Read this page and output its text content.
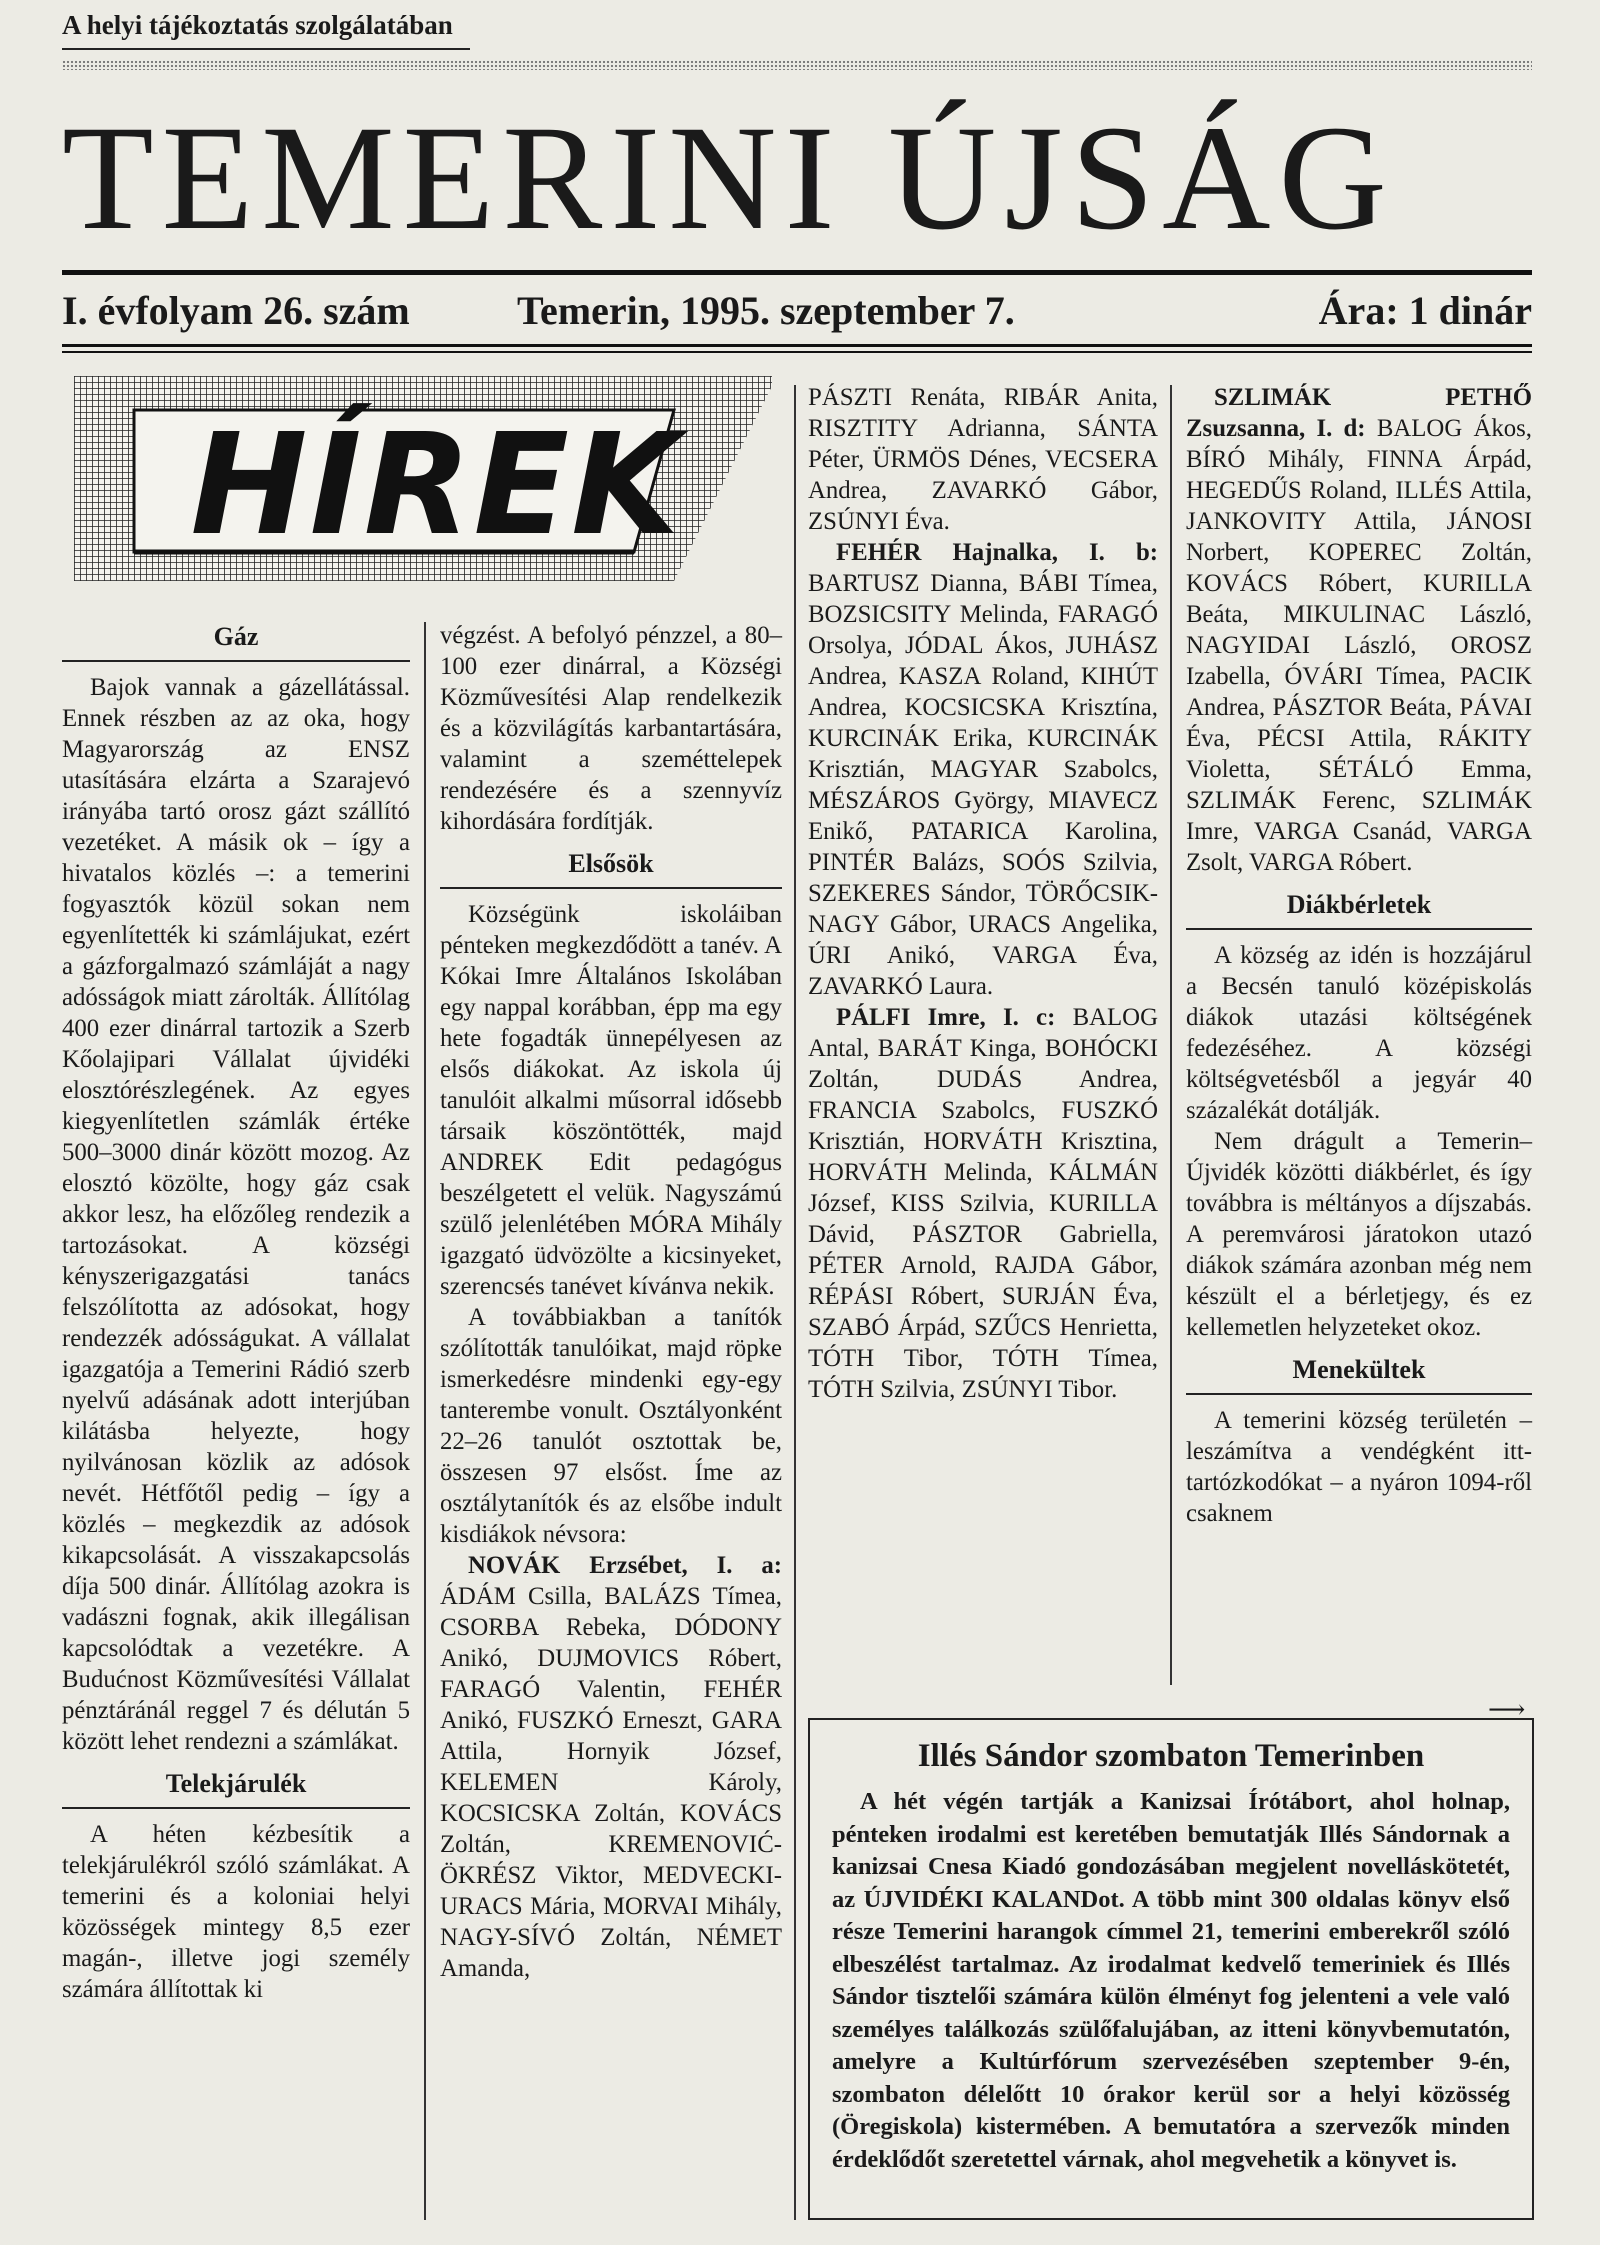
A helyi tájékoztatás szolgálatában
TEMERINI ÚJSÁG
I. évfolyam 26. szám	Temerin, 1995. szeptember 7.	Ára: 1 dinár
HÍREK
Gáz

Bajok vannak a gázellátással. Ennek részben az az oka, hogy Magyarország az ENSZ utasítására elzárta a Szarajevó irányába tartó orosz gázt szállító vezetéket. A másik ok – így a hivatalos közlés –: a temerini fogyasztók közül sokan nem egyenlítették ki számlájukat, ezért a gázforgalmazó számláját a nagy adósságok miatt zárolták. Állítólag 400 ezer dinárral tartozik a Szerb Kőolajipari Vállalat újvidéki elosztórészlegének. Az egyes kiegyenlítetlen számlák értéke 500–3000 dinár között mozog. Az elosztó közölte, hogy gáz csak akkor lesz, ha előzőleg rendezik a tartozásokat. A községi kényszerigazgatási tanács felszólította az adósokat, hogy rendezzék adósságukat. A vállalat igazgatója a Temerini Rádió szerb nyelvű adásának adott interjúban kilátásba helyezte, hogy nyilvánosan közlik az adósok nevét. Hétfőtől pedig – így a közlés – megkezdik az adósok kikapcsolását. A visszakapcsolás díja 500 dinár. Állítólag azokra is vadászni fognak, akik illegálisan kapcsolódtak a vezetékre. A Budućnost Közművesítési Vállalat pénztáránál reggel 7 és délután 5 között lehet rendezni a számlákat.

Telekjárulék

A héten kézbesítik a telekjárulékról szóló számlákat. A temerini és a koloniai helyi közösségek mintegy 8,5 ezer magán-, illetve jogi személy számára állítottak ki

végzést. A befolyó pénzzel, a 80–100 ezer dinárral, a Községi Közművesítési Alap rendelkezik és a közvilágítás karbantartására, valamint a szeméttelepek rendezésére és a szennyvíz kihordására fordítják.

Elsősök

Községünk iskoláiban pénteken megkezdődött a tanév. A Kókai Imre Általános Iskolában egy nappal korábban, épp ma egy hete fogadták ünnepélyesen az elsős diákokat. Az iskola új tanulóit alkalmi műsorral idősebb társaik köszöntötték, majd ANDREK Edit pedagógus beszélgetett el velük. Nagyszámú szülő jelenlétében MÓRA Mihály igazgató üdvözölte a kicsinyeket, szerencsés tanévet kívánva nekik.

A továbbiakban a tanítók szólították tanulóikat, majd röpke ismerkedésre mindenki egy-egy tanterembe vonult. Osztályonként 22–26 tanulót osztottak be, összesen 97 elsőst. Íme az osztálytanítók és az elsőbe indult kisdiákok névsora:

NOVÁK Erzsébet, I. a: ÁDÁM Csilla, BALÁZS Tímea, CSORBA Rebeka, DÓDONY Anikó, DUJMOVICS Róbert, FARAGÓ Valentin, FEHÉR Anikó, FUSZKÓ Erneszt, GARA Attila, Hornyik József, KELEMEN Károly, KOCSICSKA Zoltán, KOVÁCS Zoltán, KREMENOVIĆ-ÖKRÉSZ Viktor, MEDVECKI-URACS Mária, MORVAI Mihály, NAGY-SÍVÓ Zoltán, NÉMET Amanda,

PÁSZTI Renáta, RIBÁR Anita, RISZTITY Adrianna, SÁNTA Péter, ÜRMÖS Dénes, VECSERA Andrea, ZAVARKÓ Gábor, ZSÚNYI Éva.

FEHÉR Hajnalka, I. b: BARTUSZ Dianna, BÁBI Tímea, BOZSICSITY Melinda, FARAGÓ Orsolya, JÓDAL Ákos, JUHÁSZ Andrea, KASZA Roland, KIHÚT Andrea, KOCSICSKA Krisztína, KURCINÁK Erika, KURCINÁK Krisztián, MAGYAR Szabolcs, MÉSZÁROS György, MIAVECZ Enikő, PATARICA Karolina, PINTÉR Balázs, SOÓS Szilvia, SZEKERES Sándor, TÖRŐCSIK-NAGY Gábor, URACS Angelika, ÚRI Anikó, VARGA Éva, ZAVARKÓ Laura.

PÁLFI Imre, I. c: BALOG Antal, BARÁT Kinga, BOHÓCKI Zoltán, DUDÁS Andrea, FRANCIA Szabolcs, FUSZKÓ Krisztián, HORVÁTH Krisztina, HORVÁTH Melinda, KÁLMÁN József, KISS Szilvia, KURILLA Dávid, PÁSZTOR Gabriella, PÉTER Arnold, RAJDA Gábor, RÉPÁSI Róbert, SURJÁN Éva, SZABÓ Árpád, SZŰCS Henrietta, TÓTH Tibor, TÓTH Tímea, TÓTH Szilvia, ZSÚNYI Tibor.

SZLIMÁK PETHŐ Zsuzsanna, I. d: BALOG Ákos, BÍRÓ Mihály, FINNA Árpád, HEGEDŰS Roland, ILLÉS Attila, JANKOVITY Attila, JÁNOSI Norbert, KOPEREC Zoltán, KOVÁCS Róbert, KURILLA Beáta, MIKULINAC László, NAGYIDAI László, OROSZ Izabella, ÓVÁRI Tímea, PACIK Andrea, PÁSZTOR Beáta, PÁVAI Éva, PÉCSI Attila, RÁKITY Violetta, SÉTÁLÓ Emma, SZLIMÁK Ferenc, SZLIMÁK Imre, VARGA Csanád, VARGA Zsolt, VARGA Róbert.

Diákbérletek

A község az idén is hozzájárul a Becsén tanuló középiskolás diákok utazási költségének fedezéséhez. A községi költségvetésből a jegyár 40 százalékát dotálják.

Nem drágult a Temerin–Újvidék közötti diákbérlet, és így továbbra is méltányos a díjszabás. A peremvárosi járatokon utazó diákok számára azonban még nem készült el a bérletjegy, és ez kellemetlen helyzeteket okoz.

Menekültek

A temerini község területén – leszámítva a vendégként itt-tartózkodókat – a nyáron 1094-ről csaknem

⟶
Illés Sándor szombaton Temerinben
A hét végén tartják a Kanizsai Írótábort, ahol holnap, pénteken irodalmi est keretében bemutatják Illés Sándornak a kanizsai Cnesa Kiadó gondozásában megjelent novelláskötetét, az ÚJVIDÉKI KALANDot. A több mint 300 oldalas könyv első része Temerini harangok címmel 21, temerini emberekről szóló elbeszélést tartalmaz. Az irodalmat kedvelő temeriniek és Illés Sándor tisztelői számára külön élményt fog jelenteni a vele való személyes találkozás szülőfalujában, az itteni könyvbemutatón, amelyre a Kultúrfórum szervezésében szeptember 9-én, szombaton délelőtt 10 órakor kerül sor a helyi közösség (Öregiskola) kistermében. A bemutatóra a szervezők minden érdeklődőt szeretettel várnak, ahol megvehetik a könyvet is.
